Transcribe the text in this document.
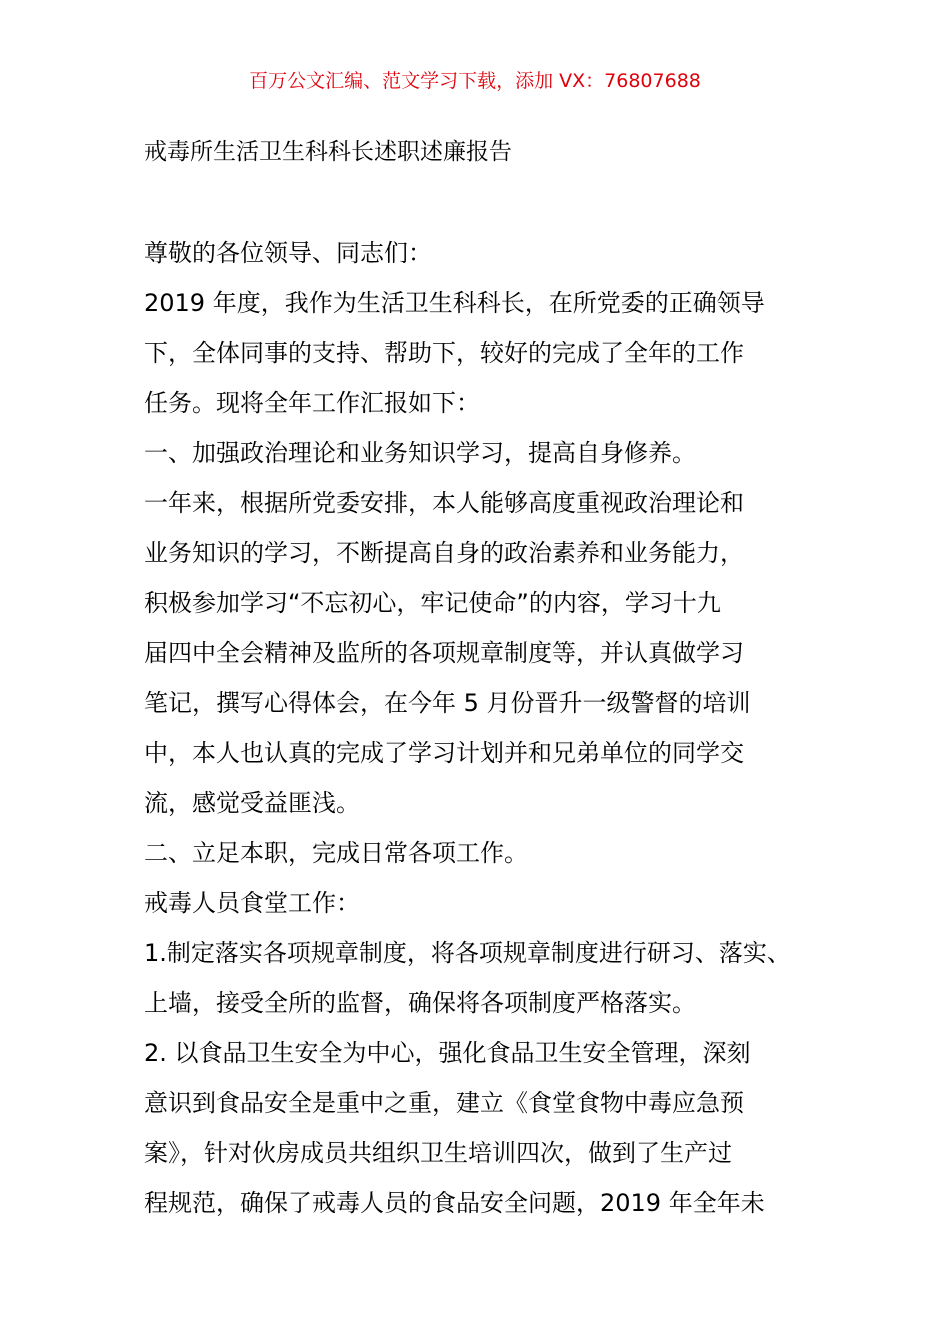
百万公文汇编、范文学习下载，添加 VX：76807688
戒毒所生活卫生科科长述职述廉报告
尊敬的各位领导、同志们：
2019 年度，我作为生活卫生科科长，在所党委的正确领导
下，全体同事的支持、帮助下，较好的完成了全年的工作
任务。现将全年工作汇报如下：
一、加强政治理论和业务知识学习，提高自身修养。
一年来，根据所党委安排，本人能够高度重视政治理论和
业务知识的学习，不断提高自身的政治素养和业务能力，
积极参加学习“不忘初心，牢记使命”的内容，学习十九
届四中全会精神及监所的各项规章制度等，并认真做学习
笔记，撰写心得体会，在今年 5 月份晋升一级警督的培训
中，本人也认真的完成了学习计划并和兄弟单位的同学交
流，感觉受益匪浅。
二、立足本职，完成日常各项工作。
戒毒人员食堂工作：
1.制定落实各项规章制度，将各项规章制度进行研习、落实、
上墙，接受全所的监督，确保将各项制度严格落实。
2. 以食品卫生安全为中心，强化食品卫生安全管理，深刻
意识到食品安全是重中之重，建立《食堂食物中毒应急预
案》，针对伙房成员共组织卫生培训四次，做到了生产过
程规范，确保了戒毒人员的食品安全问题，2019 年全年未
